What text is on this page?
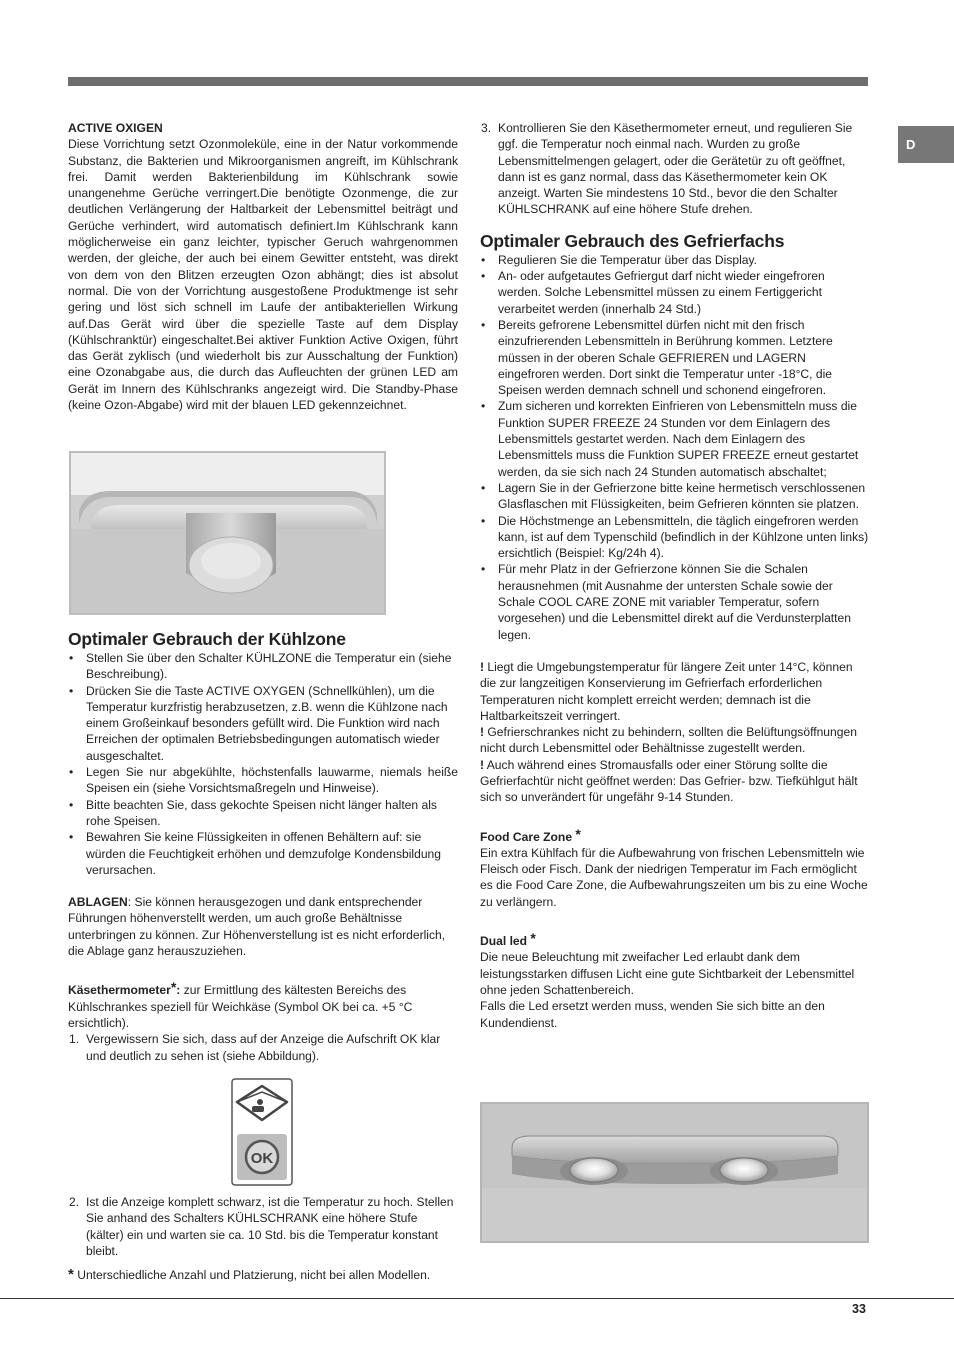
D

ACTIVE OXIGEN

Diese Vorrichtung setzt Ozonmoleküle, eine in der Natur vorkommende Substanz, die Bakterien und Mikroorganismen angreift, im Kühlschrank frei. Damit werden Bakterienbildung im Kühlschrank sowie unangenehme Gerüche verringert.Die benötigte Ozonmenge, die zur deutlichen Verlängerung der Haltbarkeit der Lebensmittel beiträgt und Gerüche verhindert, wird automatisch definiert.Im Kühlschrank kann möglicherweise ein ganz leichter, typischer Geruch wahrgenommen werden, der gleiche, der auch bei einem Gewitter entsteht, was direkt von dem von den Blitzen erzeugten Ozon abhängt; dies ist absolut normal. Die von der Vorrichtung ausgestoßene Produktmenge ist sehr gering und löst sich schnell im Laufe der antibakteriellen Wirkung auf.Das Gerät wird über die spezielle Taste auf dem Display (Kühlschranktür) eingeschaltet.Bei aktiver Funktion Active Oxigen, führt das Gerät zyklisch (und wiederholt bis zur Ausschaltung der Funktion) eine Ozonabgabe aus, die durch das Aufleuchten der grünen LED am Gerät im Innern des Kühlschranks angezeigt wird. Die Standby-Phase (keine Ozon-Abgabe) wird mit der blauen LED gekennzeichnet.

Optimaler Gebrauch der Kühlzone
• Stellen Sie über den Schalter KÜHLZONE die Temperatur ein (siehe Beschreibung).
• Drücken Sie die Taste ACTIVE OXYGEN (Schnellkühlen), um die Temperatur kurzfristig herabzusetzen, z.B. wenn die Kühlzone nach einem Großeinkauf besonders gefüllt wird. Die Funktion wird nach Erreichen der optimalen Betriebsbedingungen automatisch wieder ausgeschaltet.
• Legen Sie nur abgekühlte, höchstenfalls lauwarme, niemals heiße Speisen ein (siehe Vorsichtsmaßregeln und Hinweise).
• Bitte beachten Sie, dass gekochte Speisen nicht länger halten als rohe Speisen.
• Bewahren Sie keine Flüssigkeiten in offenen Behältern auf: sie würden die Feuchtigkeit erhöhen und demzufolge Kondensbildung verursachen.

ABLAGEN: Sie können herausgezogen und dank entsprechender Führungen höhenverstellt werden, um auch große Behältnisse unterbringen zu können. Zur Höhenverstellung ist es nicht erforderlich, die Ablage ganz herauszuziehen.

Käsethermometer*: zur Ermittlung des kältesten Bereichs des Kühlschrankes speziell für Weichkäse (Symbol OK bei ca. +5 °C ersichtlich).

1. Vergewissern Sie sich, dass auf der Anzeige die Aufschrift OK klar und deutlich zu sehen ist (siehe Abbildung).
OK
2. Ist die Anzeige komplett schwarz, ist die Temperatur zu hoch. Stellen Sie anhand des Schalters KÜHLSCHRANK eine höhere Stufe (kälter) ein und warten sie ca. 10 Std. bis die Temperatur konstant bleibt.

* Unterschiedliche Anzahl und Platzierung, nicht bei allen Modellen.

3. Kontrollieren Sie den Käsethermometer erneut, und regulieren Sie ggf. die Temperatur noch einmal nach. Wurden zu große Lebensmittelmengen gelagert, oder die Gerätetür zu oft geöffnet, dann ist es ganz normal, dass das Käsethermometer kein OK anzeigt. Warten Sie mindestens 10 Std., bevor die den Schalter KÜHLSCHRANK auf eine höhere Stufe drehen.
Optimaler Gebrauch des Gefrierfachs
• Regulieren Sie die Temperatur über das Display.
• An- oder aufgetautes Gefriergut darf nicht wieder eingefroren werden. Solche Lebensmittel müssen zu einem Fertiggericht verarbeitet werden (innerhalb 24 Std.)
• Bereits gefrorene Lebensmittel dürfen nicht mit den frisch einzufrierenden Lebensmitteln in Berührung kommen. Letztere müssen in der oberen Schale GEFRIEREN und LAGERN eingefroren werden. Dort sinkt die Temperatur unter -18°C, die Speisen werden demnach schnell und schonend eingefroren.
• Zum sicheren und korrekten Einfrieren von Lebensmitteln muss die Funktion SUPER FREEZE 24 Stunden vor dem Einlagern des Lebensmittels gestartet werden. Nach dem Einlagern des Lebensmittels muss die Funktion SUPER FREEZE erneut gestartet werden, da sie sich nach 24 Stunden automatisch abschaltet;
• Lagern Sie in der Gefrierzone bitte keine hermetisch verschlossenen Glasflaschen mit Flüssigkeiten, beim Gefrieren könnten sie platzen.
• Die Höchstmenge an Lebensmitteln, die täglich eingefroren werden kann, ist auf dem Typenschild (befindlich in der Kühlzone unten links) ersichtlich (Beispiel: Kg/24h 4).
• Für mehr Platz in der Gefrierzone können Sie die Schalen herausnehmen (mit Ausnahme der untersten Schale sowie der Schale COOL CARE ZONE mit variabler Temperatur, sofern vorgesehen) und die Lebensmittel direkt auf die Verdunsterplatten legen.

! Liegt die Umgebungstemperatur für längere Zeit unter 14°C, können die zur langzeitigen Konservierung im Gefrierfach erforderlichen Temperaturen nicht komplett erreicht werden; demnach ist die Haltbarkeitszeit verringert.

! Gefrierschrankes nicht zu behindern, sollten die Belüftungsöffnungen nicht durch Lebensmittel oder Behältnisse zugestellt werden.

! Auch während eines Stromausfalls oder einer Störung sollte die Gefrierfachtür nicht geöffnet werden: Das Gefrier- bzw. Tiefkühlgut hält sich so unverändert für ungefähr 9-14 Stunden.

Food Care Zone *

Ein extra Kühlfach für die Aufbewahrung von frischen Lebensmitteln wie Fleisch oder Fisch. Dank der niedrigen Temperatur im Fach ermöglicht es die Food Care Zone, die Aufbewahrungszeiten um bis zu eine Woche zu verlängern.

Dual led *

Die neue Beleuchtung mit zweifacher Led erlaubt dank dem leistungsstarken diffusen Licht eine gute Sichtbarkeit der Lebensmittel ohne jeden Schattenbereich.

Falls die Led ersetzt werden muss, wenden Sie sich bitte an den Kundendienst.

33
